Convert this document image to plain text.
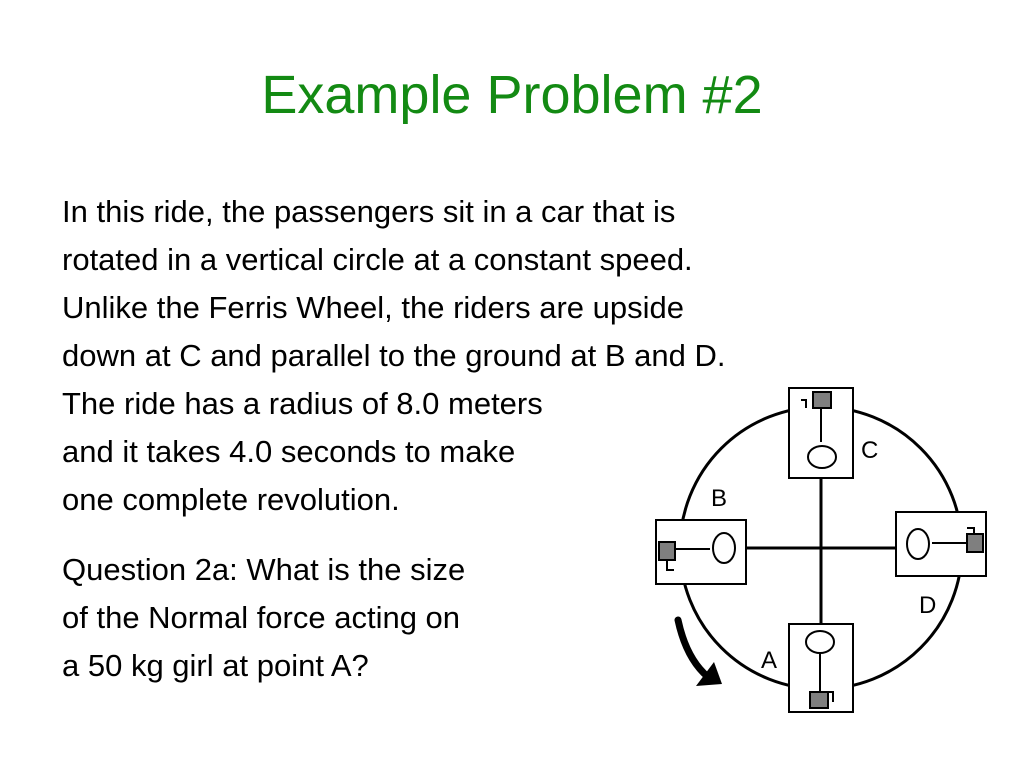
Example Problem #2
In this ride, the passengers sit in a car that is
rotated in a vertical circle at a constant speed.
Unlike the Ferris Wheel, the riders are upside
down at C and parallel to the ground at B and D.
The ride has a radius of 8.0 meters
and it takes 4.0 seconds to make
one complete revolution.
Question 2a: What is the size
of the Normal force acting on
a 50 kg girl at point A?
C
B
D
A
